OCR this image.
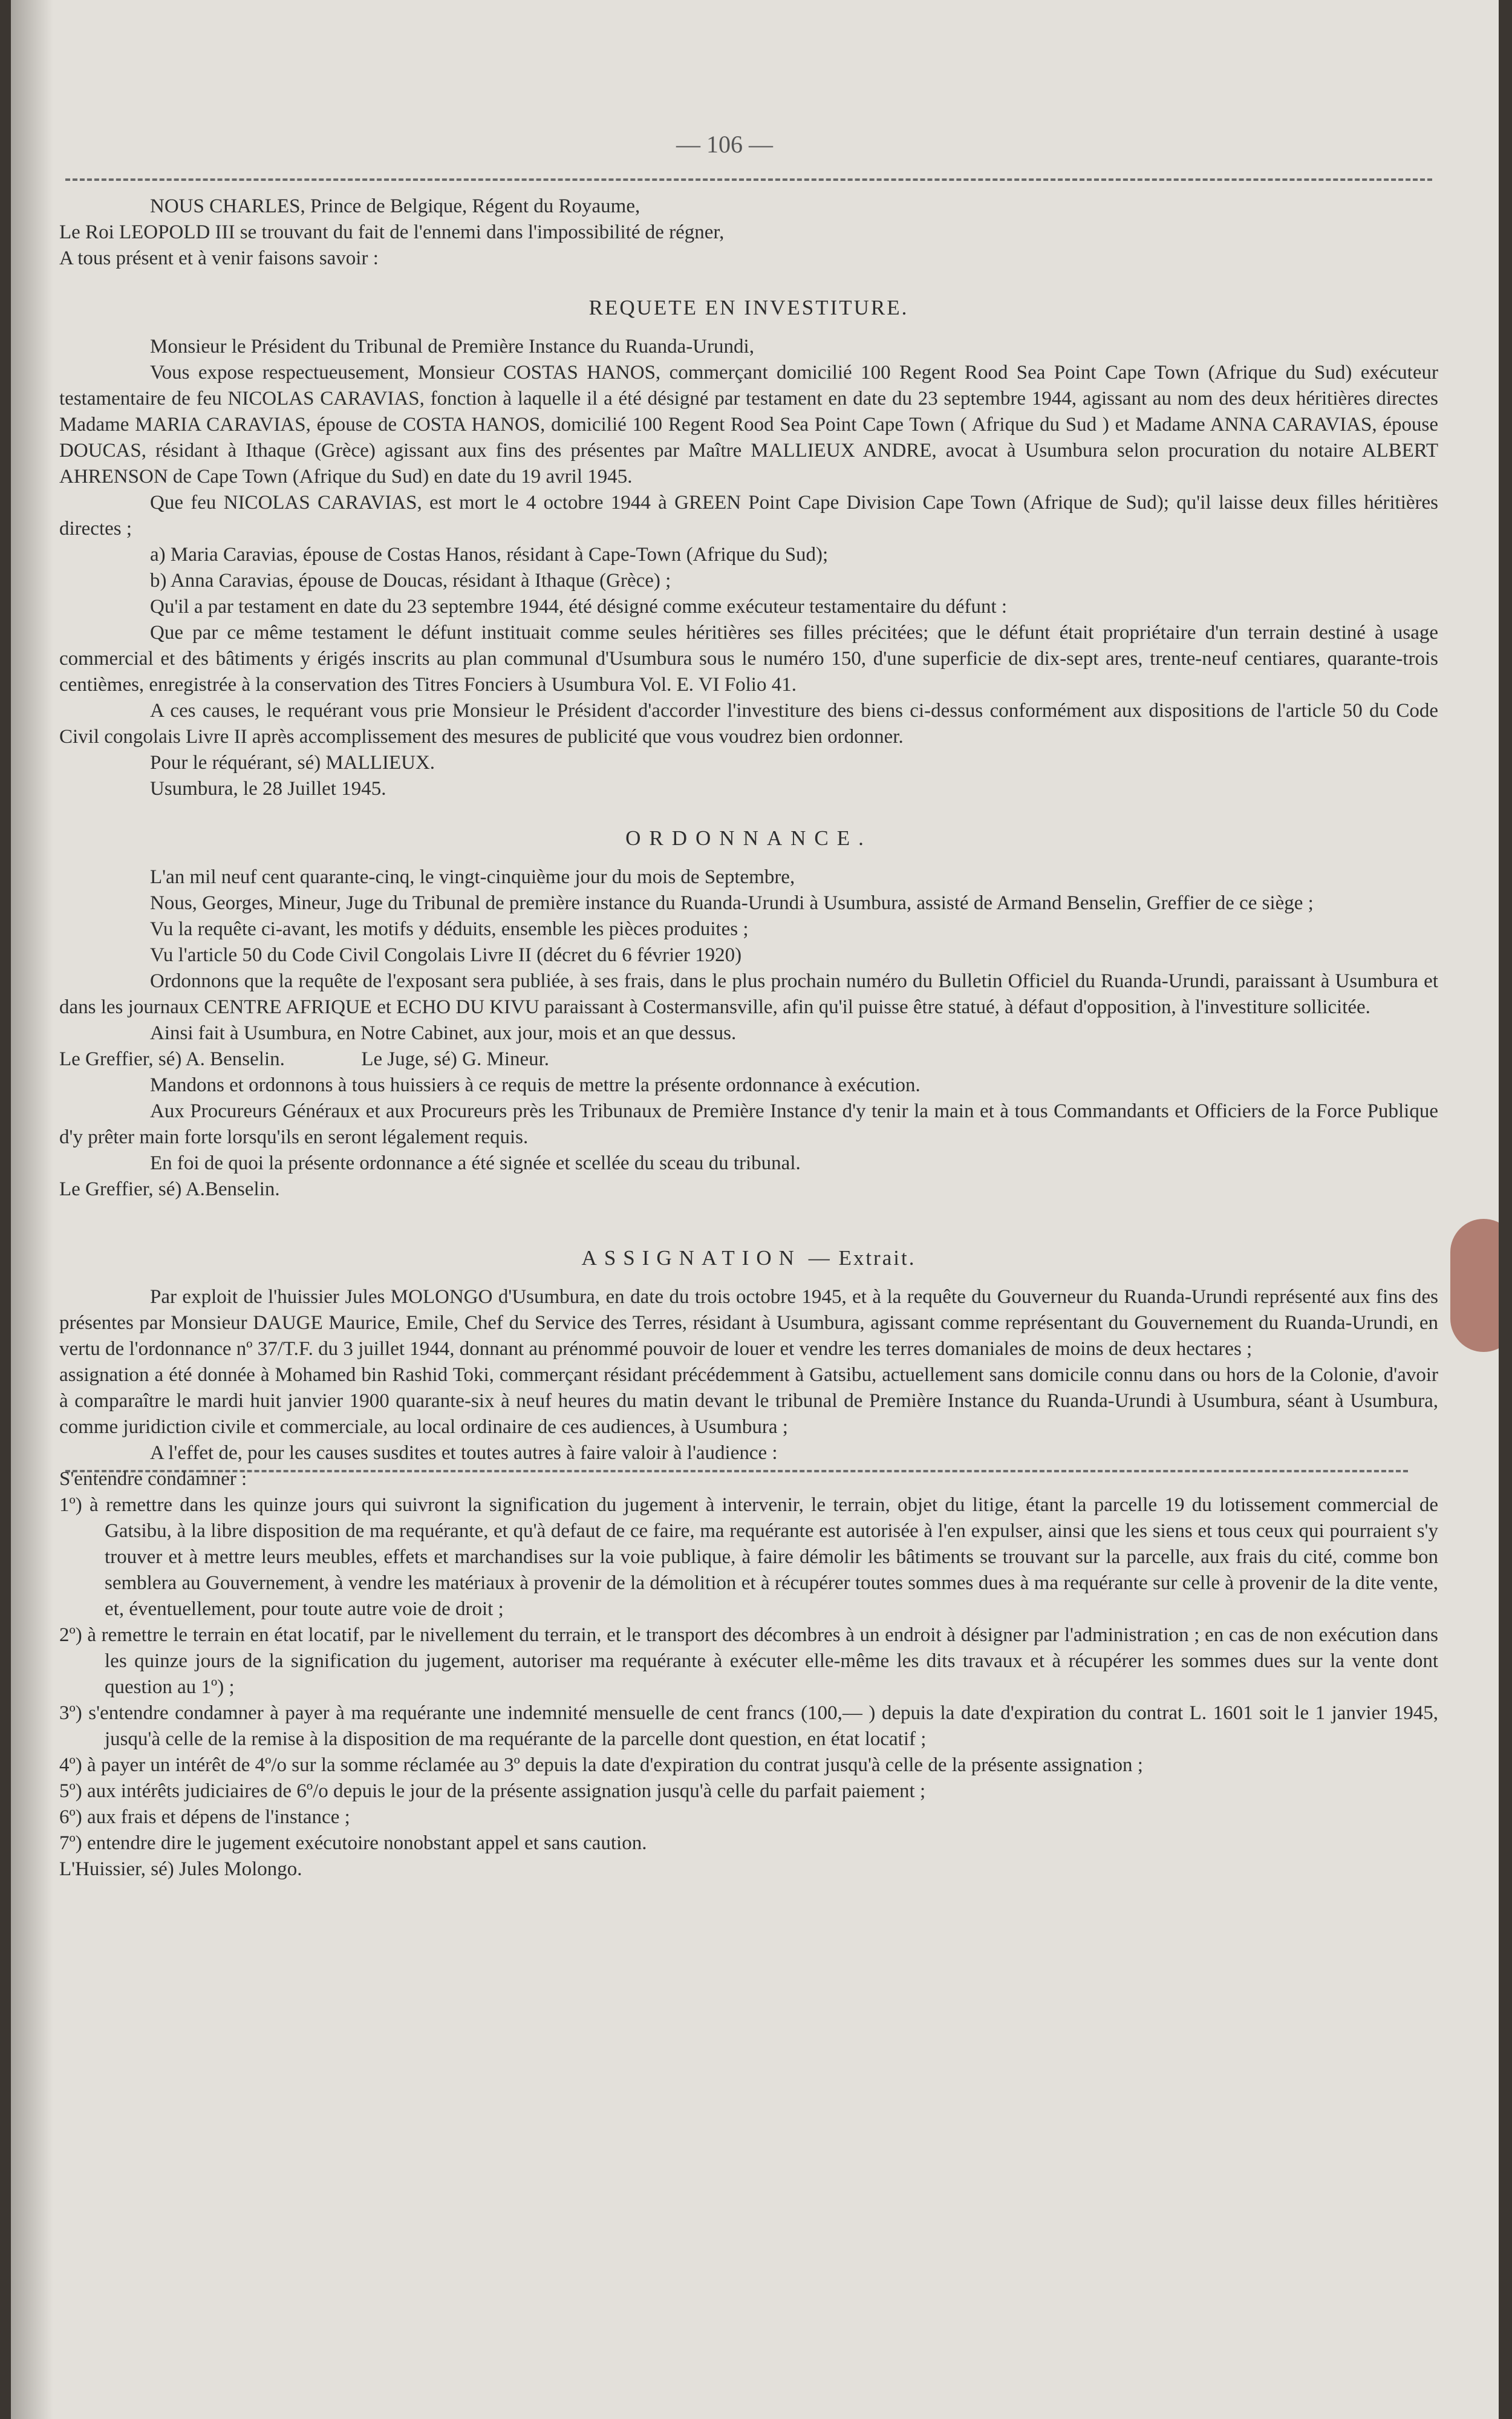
— 106 —

NOUS CHARLES, Prince de Belgique, Régent du Royaume,

Le Roi LEOPOLD III se trouvant du fait de l'ennemi dans l'impossibilité de régner,

A tous présent et à venir faisons savoir :

REQUETE EN INVESTITURE.

Monsieur le Président du Tribunal de Première Instance du Ruanda-Urundi,

Vous expose respectueusement, Monsieur COSTAS HANOS, commerçant domicilié 100 Regent Rood Sea Point Cape Town (Afrique du Sud) exécuteur testamentaire de feu NICOLAS CARAVIAS, fonction à laquelle il a été désigné par testament en date du 23 septembre 1944, agissant au nom des deux héritières directes Madame MARIA CARAVIAS, épouse de COSTA HANOS, domicilié 100 Regent Rood Sea Point Cape Town ( Afrique du Sud ) et Madame ANNA CARAVIAS, épouse DOUCAS, résidant à Ithaque (Grèce) agissant aux fins des présentes par Maître MALLIEUX ANDRE, avocat à Usumbura selon procuration du notaire ALBERT AHRENSON de Cape Town (Afrique du Sud) en date du 19 avril 1945.

Que feu NICOLAS CARAVIAS, est mort le 4 octobre 1944 à GREEN Point Cape Division Cape Town (Afrique de Sud); qu'il laisse deux filles héritières directes ;

a) Maria Caravias, épouse de Costas Hanos, résidant à Cape-Town (Afrique du Sud);

b) Anna Caravias, épouse de Doucas, résidant à Ithaque (Grèce) ;

Qu'il a par testament en date du 23 septembre 1944, été désigné comme exécuteur testamentaire du défunt :

Que par ce même testament le défunt instituait comme seules héritières ses filles précitées; que le défunt était propriétaire d'un terrain destiné à usage commercial et des bâtiments y érigés inscrits au plan communal d'Usumbura sous le numéro 150, d'une superficie de dix-sept ares, trente-neuf centiares, quarante-trois centièmes, enregistrée à la conservation des Titres Fonciers à Usumbura Vol. E. VI Folio 41.

A ces causes, le requérant vous prie Monsieur le Président d'accorder l'investiture des biens ci-dessus conformément aux dispositions de l'article 50 du Code Civil congolais Livre II après accomplissement des mesures de publicité que vous voudrez bien ordonner.

Pour le réquérant, sé) MALLIEUX.

Usumbura, le 28 Juillet 1945.

ORDONNANCE.

L'an mil neuf cent quarante-cinq, le vingt-cinquième jour du mois de Septembre,

Nous, Georges, Mineur, Juge du Tribunal de première instance du Ruanda-Urundi à Usumbura, assisté de Armand Benselin, Greffier de ce siège ;

Vu la requête ci-avant, les motifs y déduits, ensemble les pièces produites ;

Vu l'article 50 du Code Civil Congolais Livre II (décret du 6 février 1920)

Ordonnons que la requête de l'exposant sera publiée, à ses frais, dans le plus prochain numéro du Bulletin Officiel du Ruanda-Urundi, paraissant à Usumbura et dans les journaux CENTRE AFRIQUE et ECHO DU KIVU paraissant à Costermansville, afin qu'il puisse être statué, à défaut d'opposition, à l'investiture sollicitée.

Ainsi fait à Usumbura, en Notre Cabinet, aux jour, mois et an que dessus.

Le Greffier, sé) A. Benselin.	Le Juge, sé) G. Mineur.

Mandons et ordonnons à tous huissiers à ce requis de mettre la présente ordonnance à exécution.

Aux Procureurs Généraux et aux Procureurs près les Tribunaux de Première Instance d'y tenir la main et à tous Commandants et Officiers de la Force Publique d'y prêter main forte lorsqu'ils en seront légalement requis.

En foi de quoi la présente ordonnance a été signée et scellée du sceau du tribunal.

Le Greffier, sé) A.Benselin.

ASSIGNATION — Extrait.

Par exploit de l'huissier Jules MOLONGO d'Usumbura, en date du trois octobre 1945, et à la requête du Gouverneur du Ruanda-Urundi représenté aux fins des présentes par Monsieur DAUGE Maurice, Emile, Chef du Service des Terres, résidant à Usumbura, agissant comme représentant du Gouvernement du Ruanda-Urundi, en vertu de l'ordonnance nº 37/T.F. du 3 juillet 1944, donnant au prénommé pouvoir de louer et vendre les terres domaniales de moins de deux hectares ;

assignation a été donnée à Mohamed bin Rashid Toki, commerçant résidant précédemment à Gatsibu, actuellement sans domicile connu dans ou hors de la Colonie, d'avoir à comparaître le mardi huit janvier 1900 quarante-six à neuf heures du matin devant le tribunal de Première Instance du Ruanda-Urundi à Usumbura, séant à Usumbura, comme juridiction civile et commerciale, au local ordinaire de ces audiences, à Usumbura ;

A l'effet de, pour les causes susdites et toutes autres à faire valoir à l'audience :

S'entendre condamner :

1º) à remettre dans les quinze jours qui suivront la signification du jugement à intervenir, le terrain, objet du litige, étant la parcelle 19 du lotissement commercial de Gatsibu, à la libre disposition de ma requérante, et qu'à defaut de ce faire, ma requérante est autorisée à l'en expulser, ainsi que les siens et tous ceux qui pourraient s'y trouver et à mettre leurs meubles, effets et marchandises sur la voie publique, à faire démolir les bâtiments se trouvant sur la parcelle, aux frais du cité, comme bon semblera au Gouvernement, à vendre les matériaux à provenir de la démolition et à récupérer toutes sommes dues à ma requérante sur celle à provenir de la dite vente, et, éventuellement, pour toute autre voie de droit ;

2º) à remettre le terrain en état locatif, par le nivellement du terrain, et le transport des décombres à un endroit à désigner par l'administration ; en cas de non exécution dans les quinze jours de la signification du jugement, autoriser ma requérante à exécuter elle-même les dits travaux et à récupérer les sommes dues sur la vente dont question au 1º) ;

3º) s'entendre condamner à payer à ma requérante une indemnité mensuelle de cent francs (100,— ) depuis la date d'expiration du contrat L. 1601 soit le 1 janvier 1945, jusqu'à celle de la remise à la disposition de ma requérante de la parcelle dont question, en état locatif ;

4º) à payer un intérêt de 4º/o sur la somme réclamée au 3º depuis la date d'expiration du contrat jusqu'à celle de la présente assignation ;

5º) aux intérêts judiciaires de 6º/o depuis le jour de la présente assignation jusqu'à celle du parfait paiement ;

6º) aux frais et dépens de l'instance ;

7º) entendre dire le jugement exécutoire nonobstant appel et sans caution.

L'Huissier, sé) Jules Molongo.
